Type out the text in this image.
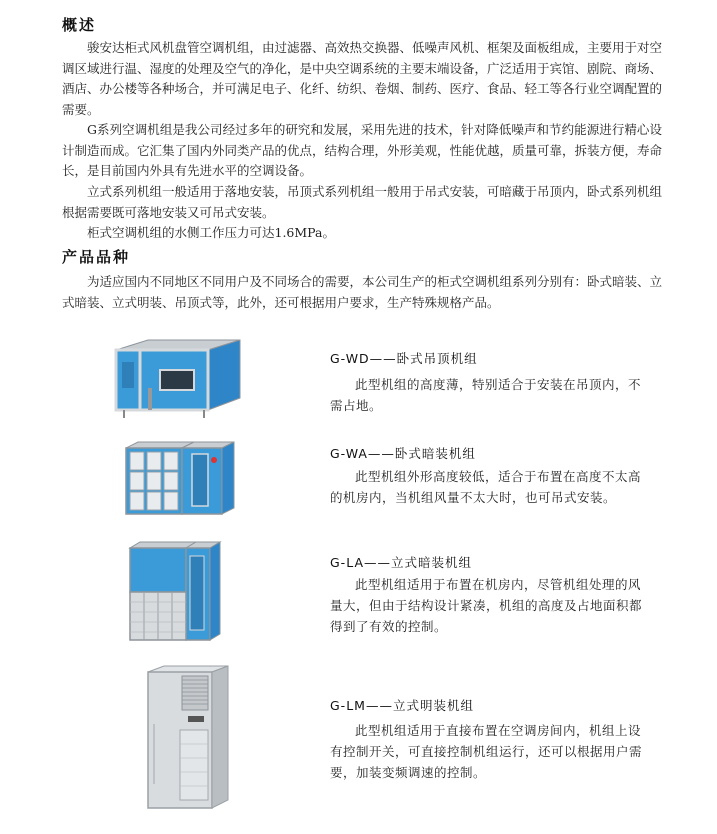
概述
骏安达柜式风机盘管空调机组，由过滤器、高效热交换器、低噪声风机、框架及面板组成，主要用于对空调区域进行温、湿度的处理及空气的净化，是中央空调系统的主要末端设备，广泛适用于宾馆、剧院、商场、酒店、办公楼等各种场合，并可满足电子、化纤、纺织、卷烟、制药、医疗、食品、轻工等各行业空调配置的需要。
G系列空调机组是我公司经过多年的研究和发展，采用先进的技术，针对降低噪声和节约能源进行精心设计制造而成。它汇集了国内外同类产品的优点，结构合理，外形美观，性能优越，质量可靠，拆装方便，寿命长，是目前国内外具有先进水平的空调设备。
立式系列机组一般适用于落地安装，吊顶式系列机组一般用于吊式安装，可暗藏于吊顶内，卧式系列机组根据需要既可落地安装又可吊式安装。
柜式空调机组的水侧工作压力可达1.6MPa。
产品品种
为适应国内不同地区不同用户及不同场合的需要，本公司生产的柜式空调机组系列分别有：卧式暗装、立式暗装、立式明装、吊顶式等，此外，还可根据用户要求，生产特殊规格产品。
G-WD——卧式吊顶机组
此型机组的高度薄，特别适合于安装在吊顶内，不需占地。
G-WA——卧式暗装机组
此型机组外形高度较低，适合于布置在高度不太高的机房内，当机组风量不太大时，也可吊式安装。
G-LA——立式暗装机组
此型机组适用于布置在机房内，尽管机组处理的风量大，但由于结构设计紧凑，机组的高度及占地面积都得到了有效的控制。
G-LM——立式明装机组
此型机组适用于直接布置在空调房间内，机组上设有控制开关，可直接控制机组运行，还可以根据用户需要，加装变频调速的控制。
